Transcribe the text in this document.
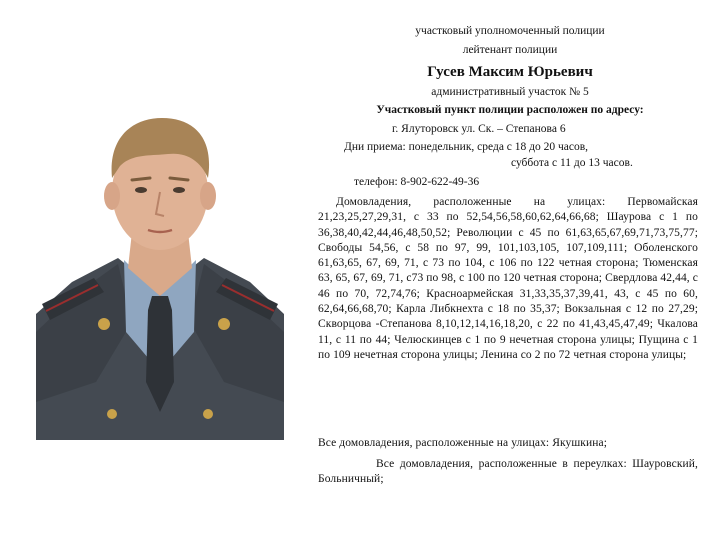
участковый уполномоченный полиции
лейтенант полиции
Гусев Максим Юрьевич
административный участок № 5
Участковый пункт полиции расположен по адресу:
г. Ялуторовск ул. Ск. – Степанова 6
Дни приема: понедельник, среда с 18 до 20 часов,
суббота с 11 до 13 часов.
телефон: 8-902-622-49-36
Домовладения, расположенные на улицах: Первомайская 21,23,25,27,29,31, с 33 по 52,54,56,58,60,62,64,66,68; Шаурова с 1 по 36,38,40,42,44,46,48,50,52; Революции с 45 по 61,63,65,67,69,71,73,75,77; Свободы 54,56, с 58 по 97, 99, 101,103,105, 107,109,111; Оболенского 61,63,65, 67, 69, 71, с 73 по 104, с 106 по 122 четная сторона; Тюменская 63, 65, 67, 69, 71, с73 по 98, с 100 по 120 четная сторона; Свердлова 42,44, с 46 по 70, 72,74,76; Красноармейская 31,33,35,37,39,41, 43, с 45 по 60, 62,64,66,68,70; Карла Либкнехта с 18 по 35,37; Вокзальная с 12 по 27,29; Скворцова -Степанова 8,10,12,14,16,18,20, с 22 по 41,43,45,47,49; Чкалова 11, с 11 по 44; Челюскинцев с 1 по 9 нечетная сторона улицы; Пущина с 1 по 109 нечетная сторона улицы; Ленина со 2 по 72 четная сторона улицы;
Все домовладения, расположенные на улицах: Якушкина;
Все домовладения, расположенные в переулках: Шауровский, Больничный;
